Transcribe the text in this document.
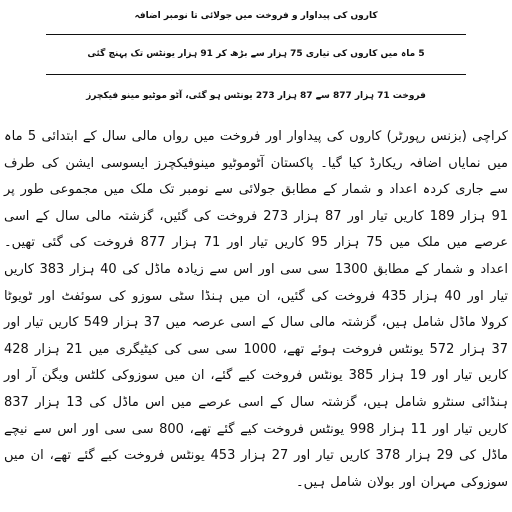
کاروں کی پیداوار و فروخت میں جولائی تا نومبر اضافہ
5 ماہ میں کاروں کی تیاری 75 ہزار سے بڑھ کر 91 ہزار یونٹس تک پہنچ گئی
فروخت 71 ہزار 877 سے 87 ہزار 273 یونٹس ہو گئی، آٹو موٹیو مینو فیکچرز
کراچی (بزنس رپورٹر) کاروں کی پیداوار اور فروخت میں رواں مالی سال کے ابتدائی 5 ماہ میں نمایاں اضافہ ریکارڈ کیا گیا۔ پاکستان آٹوموٹیو مینوفیکچرز ایسوسی ایشن کی طرف سے جاری کردہ اعداد و شمار کے مطابق جولائی سے نومبر تک ملک میں مجموعی طور پر 91 ہزار 189 کاریں تیار اور 87 ہزار 273 فروخت کی گئیں، گزشتہ مالی سال کے اسی عرصے میں ملک میں 75 ہزار 95 کاریں تیار اور 71 ہزار 877 فروخت کی گئی تھیں۔ اعداد و شمار کے مطابق 1300 سی سی اور اس سے زیادہ ماڈل کی 40 ہزار 383 کاریں تیار اور 40 ہزار 435 فروخت کی گئیں، ان میں ہنڈا سٹی سوزو کی سوئفٹ اور ٹویوٹا کرولا ماڈل شامل ہیں، گزشتہ مالی سال کے اسی عرصہ میں 37 ہزار 549 کاریں تیار اور 37 ہزار 572 یونٹس فروخت ہوئے تھے، 1000 سی سی کی کیٹیگری میں 21 ہزار 428 کاریں تیار اور 19 ہزار 385 یونٹس فروخت کیے گئے، ان میں سوزوکی کلٹس ویگن آر اور ہنڈائی سنٹرو شامل ہیں، گزشتہ سال کے اسی عرصے میں اس ماڈل کی 13 ہزار 837 کاریں تیار اور 11 ہزار 998 یونٹس فروخت کیے گئے تھے، 800 سی سی اور اس سے نیچے ماڈل کی 29 ہزار 378 کاریں تیار اور 27 ہزار 453 یونٹس فروخت کیے گئے تھے، ان میں سوزوکی مہران اور بولان شامل ہیں۔
